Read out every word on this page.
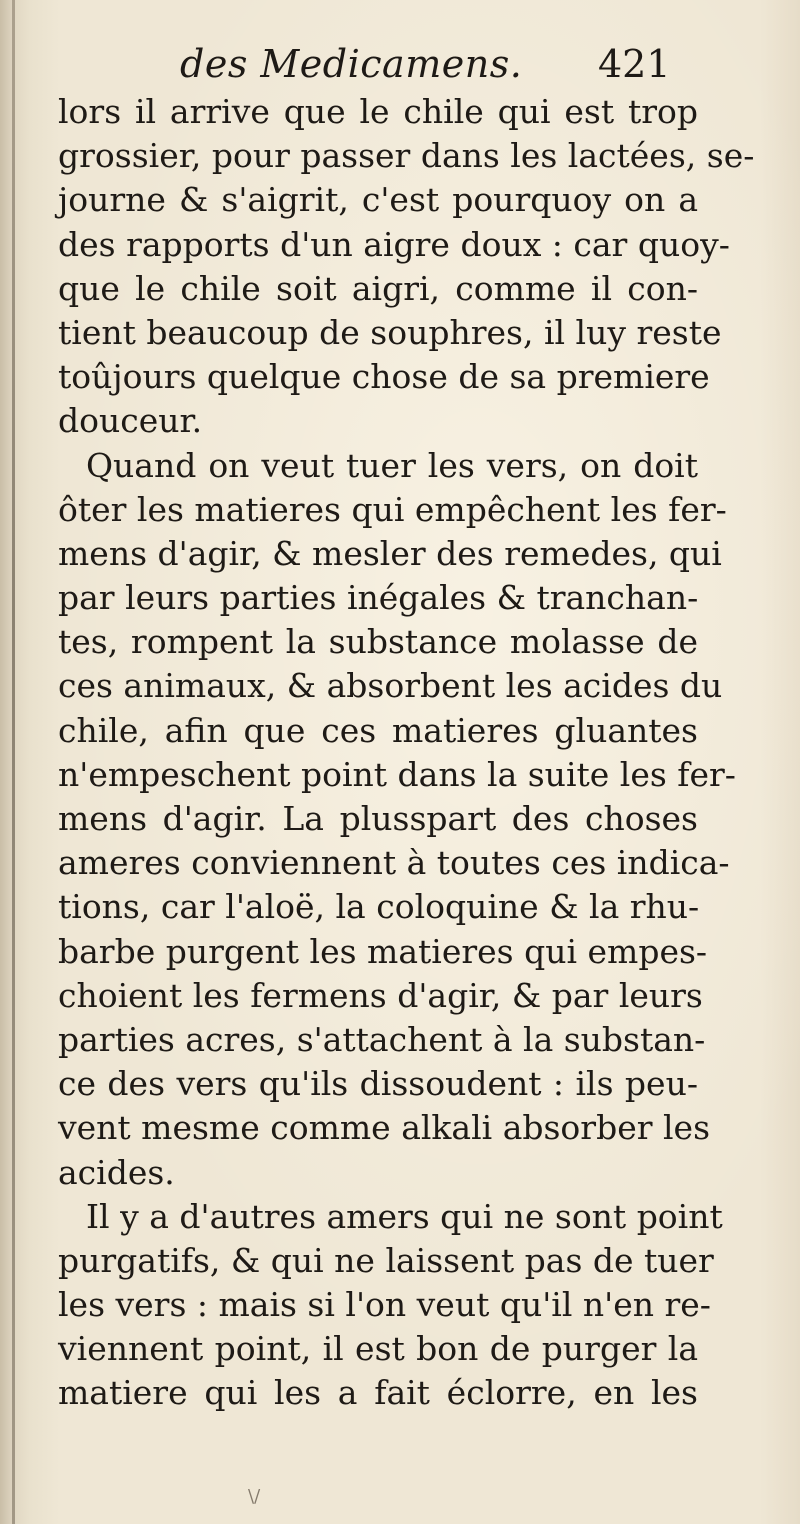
des Medicamens. 421
lors il arrive que le chile qui est trop
grossier, pour passer dans les lactées, se-
journe & s'aigrit, c'est pourquoy on a
des rapports d'un aigre doux : car quoy-
que le chile soit aigri, comme il con-
tient beaucoup de souphres, il luy reste
toûjours quelque chose de sa premiere
douceur.
Quand on veut tuer les vers, on doit
ôter les matieres qui empêchent les fer-
mens d'agir, & mesler des remedes, qui
par leurs parties inégales & tranchan-
tes, rompent la substance molasse de
ces animaux, & absorbent les acides du
chile, afin que ces matieres gluantes
n'empeschent point dans la suite les fer-
mens d'agir. La plusspart des choses
ameres conviennent à toutes ces indica-
tions, car l'aloë, la coloquine & la rhu-
barbe purgent les matieres qui empes-
choient les fermens d'agir, & par leurs
parties acres, s'attachent à la substan-
ce des vers qu'ils dissoudent : ils peu-
vent mesme comme alkali absorber les
acides.
Il y a d'autres amers qui ne sont point
purgatifs, & qui ne laissent pas de tuer
les vers : mais si l'on veut qu'il n'en re-
viennent point, il est bon de purger la
matiere qui les a fait éclorre, en les
\/
